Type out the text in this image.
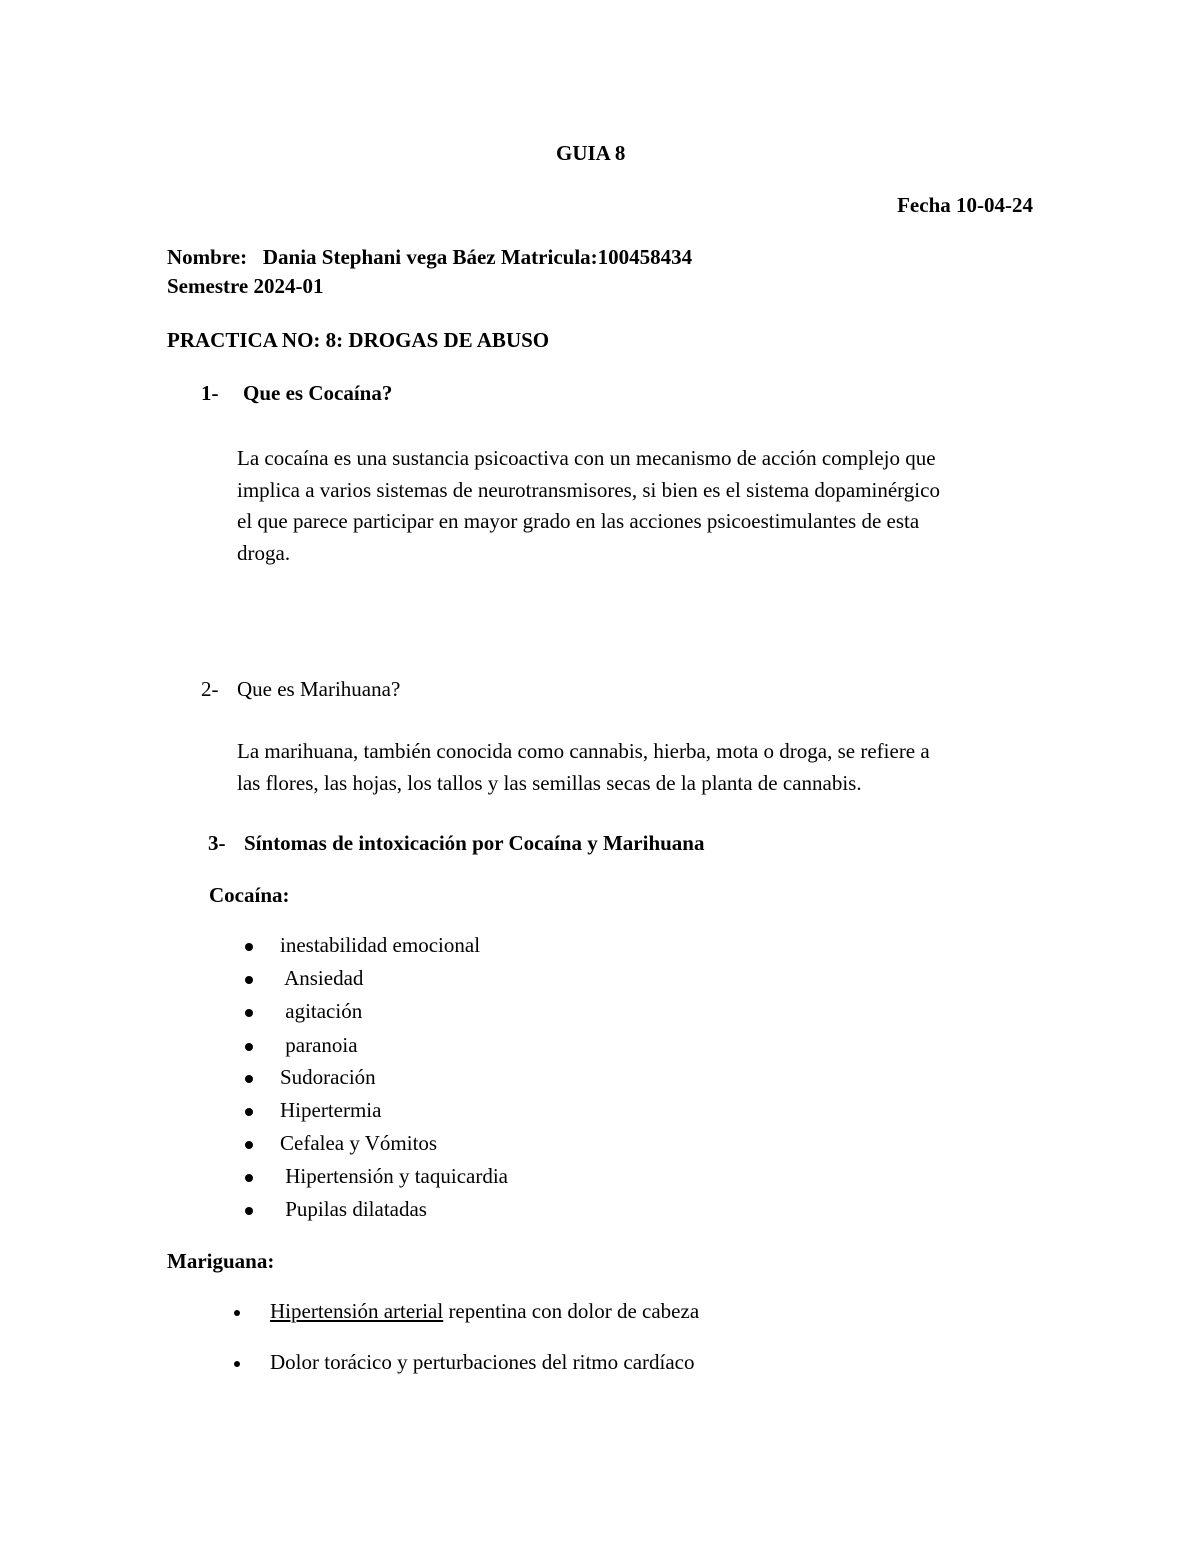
GUIA 8
Fecha 10-04-24
Nombre: Dania Stephani vega Báez Matricula:100458434
Semestre 2024-01
PRACTICA NO: 8: DROGAS DE ABUSO
1- Que es Cocaína?
La cocaína es una sustancia psicoactiva con un mecanismo de acción complejo que
implica a varios sistemas de neurotransmisores, si bien es el sistema dopaminérgico
el que parece participar en mayor grado en las acciones psicoestimulantes de esta
droga.
2- Que es Marihuana?
La marihuana, también conocida como cannabis, hierba, mota o droga, se refiere a
las flores, las hojas, los tallos y las semillas secas de la planta de cannabis.
3- Síntomas de intoxicación por Cocaína y Marihuana
Cocaína:
inestabilidad emocional
Ansiedad
agitación
paranoia
Sudoración
Hipertermia
Cefalea y Vómitos
Hipertensión y taquicardia
Pupilas dilatadas
Mariguana:
Hipertensión arterial repentina con dolor de cabeza
Dolor torácico y perturbaciones del ritmo cardíaco
